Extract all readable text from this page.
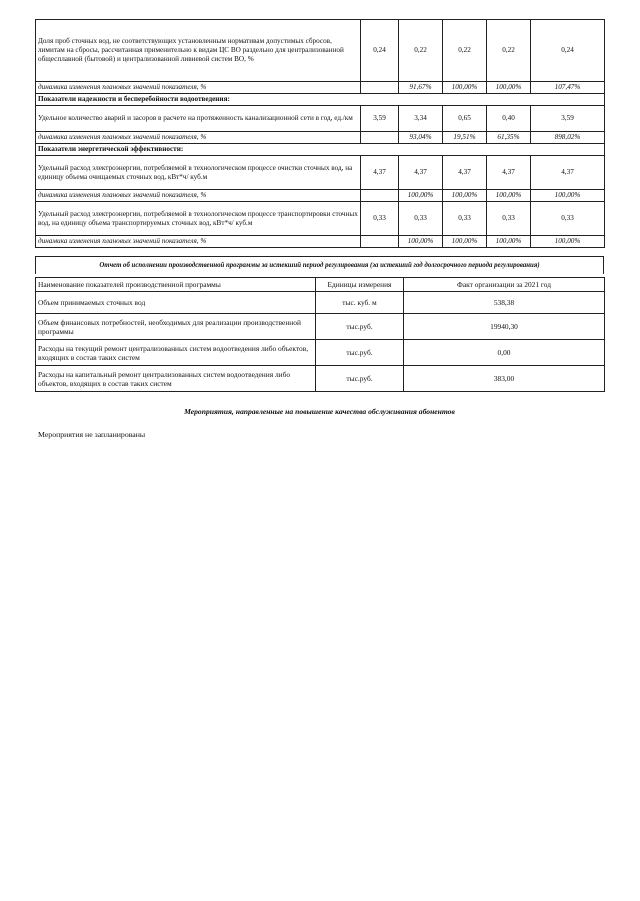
Доля проб сточных вод, не соответствующих установленным нормативам допустимых сбросов, лимитам на сбросы, рассчитанная применительно к видам ЦС ВО раздельно для централизованной общесплавной (бытовой) и централизованной ливневой систем ВО, %	0,24	0,22	0,22	0,22	0,24
динамика изменения плановых значений показателя, %		91,67%	100,00%	100,00%	107,47%
Показатели надежности и бесперебойности водоотведения:					
Удельное количество аварий и засоров в расчете на протяженность канализационной сети в год, ед./км	3,59	3,34	0,65	0,40	3,59
динамика изменения плановых значений показателя, %		93,04%	19,51%	61,35%	898,02%
Показатели энергетической эффективности:					
Удельный расход электроэнергии, потребляемой в технологическом процессе очистки сточных вод, на единицу объема очищаемых сточных вод, кВт*ч/ куб.м	4,37	4,37	4,37	4,37	4,37
динамика изменения плановых значений показателя, %		100,00%	100,00%	100,00%	100,00%
Удельный расход электроэнергии, потребляемой в технологическом процессе транспортировки сточных вод, на единицу объема транспортируемых сточных вод, кВт*ч/ куб.м	0,33	0,33	0,33	0,33	0,33
динамика изменения плановых значений показателя, %		100,00%	100,00%	100,00%	100,00%
Отчет об исполнении производственной программы за истекший период регулирования (за истекший год долгосрочного периода регулирования)
Наименование показателей производственной программы	Единицы измерения	Факт организации за 2021 год
Объем принимаемых сточных вод	тыс. куб. м	538,38
Объем финансовых потребностей, необходимых для реализации производственной программы	тыс.руб.	19940,30
Расходы на текущий ремонт централизованных систем водоотведения либо объектов, входящих в состав таких систем	тыс.руб.	0,00
Расходы на капитальный ремонт централизованных систем водоотведения либо объектов, входящих в состав таких систем	тыс.руб.	383,00
Мероприятия, направленные на повышение качества обслуживания абонентов
Мероприятия не запланированы
